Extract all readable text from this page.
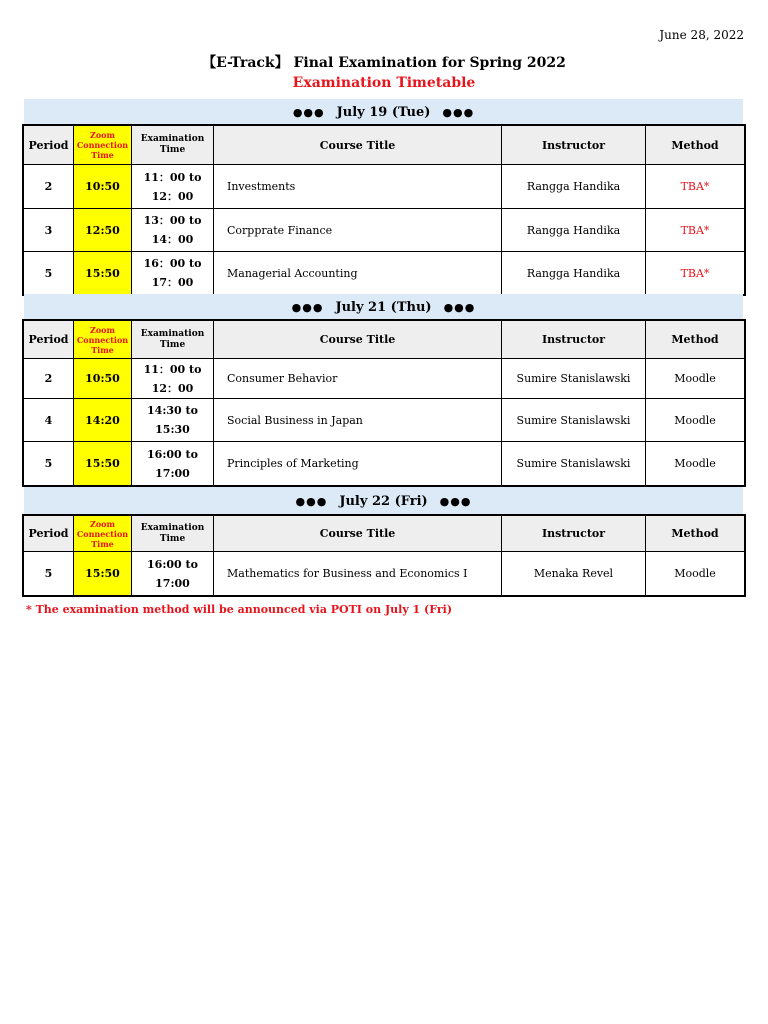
June 28, 2022
【E-Track】 Final Examination for Spring 2022
Examination Timetable
●●● July 19 (Tue) ●●●
Period	Zoom Connection Time	Examination Time	Course Title	Instructor	Method
2	10:50	11：00 to
12：00	Investments	Rangga Handika	TBA*
3	12:50	13：00 to
14：00	Corpprate Finance	Rangga Handika	TBA*
5	15:50	16：00 to
17：00	Managerial Accounting	Rangga Handika	TBA*
●●● July 21 (Thu) ●●●
Period	Zoom Connection Time	Examination Time	Course Title	Instructor	Method
2	10:50	11：00 to
12：00	Consumer Behavior	Sumire Stanislawski	Moodle
4	14:20	14:30 to
15:30	Social Business in Japan	Sumire Stanislawski	Moodle
5	15:50	16:00 to
17:00	Principles of Marketing	Sumire Stanislawski	Moodle
●●● July 22 (Fri) ●●●
Period	Zoom Connection Time	Examination Time	Course Title	Instructor	Method
5	15:50	16:00 to
17:00	Mathematics for Business and Economics I	Menaka Revel	Moodle
* The examination method will be announced via POTI on July 1 (Fri)
